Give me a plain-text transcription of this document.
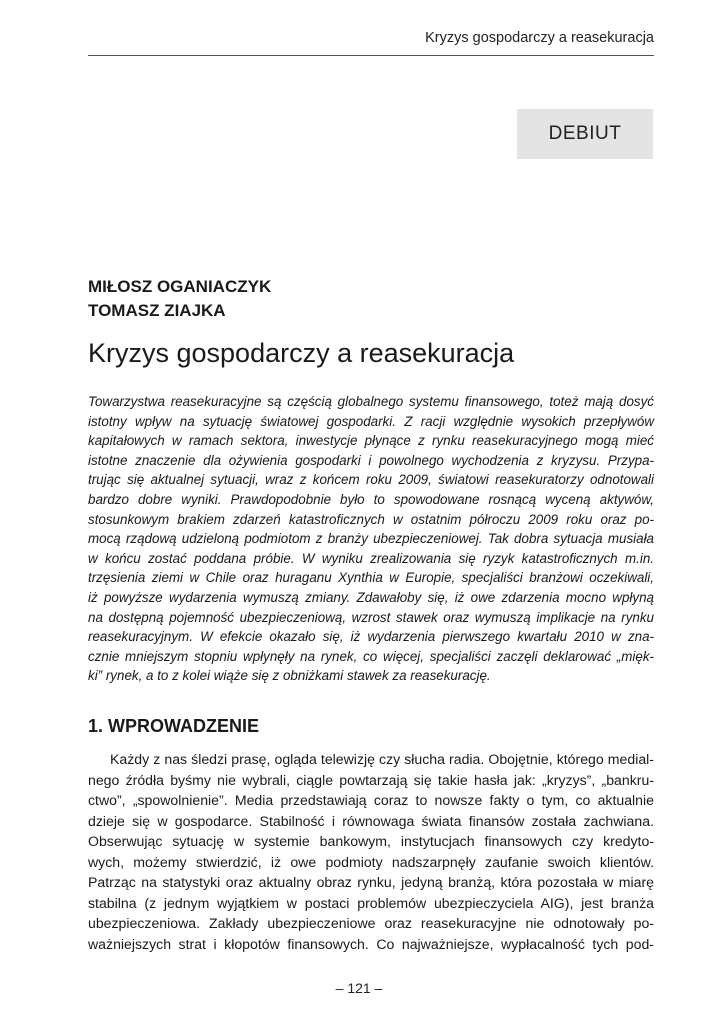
Kryzys gospodarczy a reasekuracja
DEBIUT
MIŁOSZ OGANIACZYK
TOMASZ ZIAJKA
Kryzys gospodarczy a reasekuracja
Towarzystwa reasekuracyjne są częścią globalnego systemu finansowego, toteż mają dosyć
istotny wpływ na sytuację światowej gospodarki. Z racji względnie wysokich przepływów
kapitałowych w ramach sektora, inwestycje płynące z rynku reasekuracyjnego mogą mieć
istotne znaczenie dla ożywienia gospodarki i powolnego wychodzenia z kryzysu. Przypa-
trując się aktualnej sytuacji, wraz z końcem roku 2009, światowi reasekuratorzy odnotowali
bardzo dobre wyniki. Prawdopodobnie było to spowodowane rosnącą wyceną aktywów,
stosunkowym brakiem zdarzeń katastroficznych w ostatnim półroczu 2009 roku oraz po-
mocą rządową udzieloną podmiotom z branży ubezpieczeniowej. Tak dobra sytuacja musiała
w końcu zostać poddana próbie. W wyniku zrealizowania się ryzyk katastroficznych m.in.
trzęsienia ziemi w Chile oraz huraganu Xynthia w Europie, specjaliści branżowi oczekiwali,
iż powyższe wydarzenia wymuszą zmiany. Zdawałoby się, iż owe zdarzenia mocno wpłyną
na dostępną pojemność ubezpieczeniową, wzrost stawek oraz wymuszą implikacje na rynku
reasekuracyjnym. W efekcie okazało się, iż wydarzenia pierwszego kwartału 2010 w zna-
cznie mniejszym stopniu wpłynęły na rynek, co więcej, specjaliści zaczęli deklarować „mięk-
ki” rynek, a to z kolei wiąże się z obniżkami stawek za reasekurację.
1. WPROWADZENIE
Każdy z nas śledzi prasę, ogląda telewizję czy słucha radia. Obojętnie, którego medial-
nego źródła byśmy nie wybrali, ciągle powtarzają się takie hasła jak: „kryzys”, „bankru-
ctwo”, „spowolnienie”. Media przedstawiają coraz to nowsze fakty o tym, co aktualnie
dzieje się w gospodarce. Stabilność i równowaga świata finansów została zachwiana.
Obserwując sytuację w systemie bankowym, instytucjach finansowych czy kredyto-
wych, możemy stwierdzić, iż owe podmioty nadszarpnęły zaufanie swoich klientów.
Patrząc na statystyki oraz aktualny obraz rynku, jedyną branżą, która pozostała w miarę
stabilna (z jednym wyjątkiem w postaci problemów ubezpieczyciela AIG), jest branża
ubezpieczeniowa. Zakłady ubezpieczeniowe oraz reasekuracyjne nie odnotowały po-
ważniejszych strat i kłopotów finansowych. Co najważniejsze, wypłacalność tych pod-
– 121 –
